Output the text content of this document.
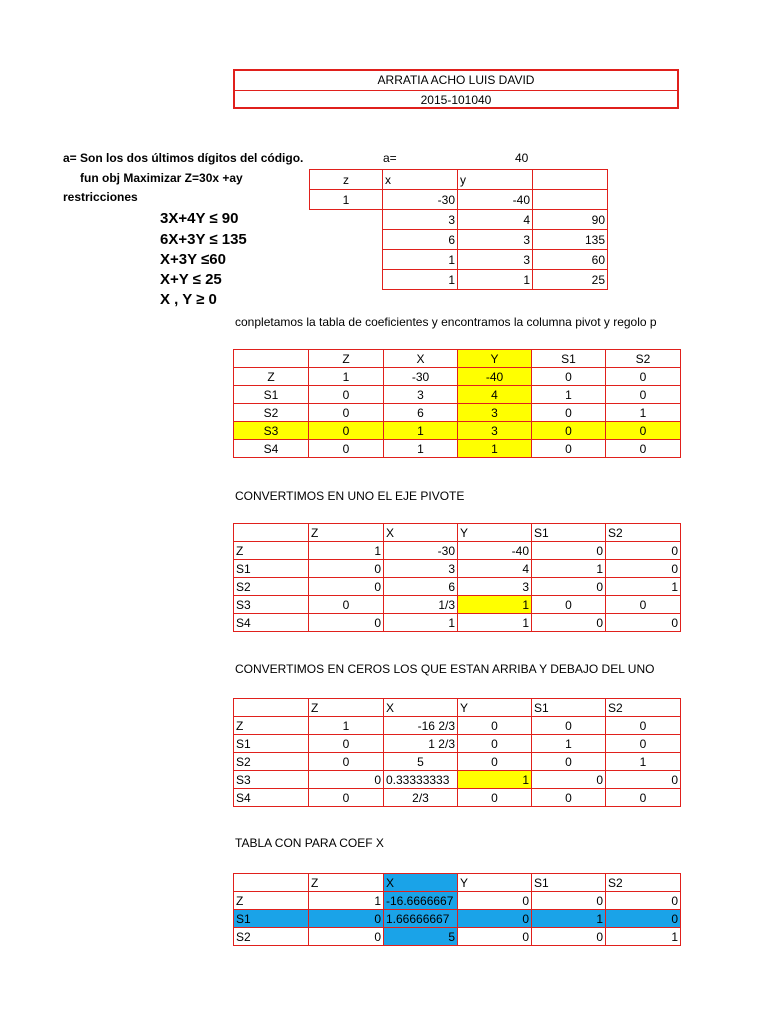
ARRATIA ACHO LUIS DAVID
2015-101040
a= Son los dos últimos dígitos del código.
fun obj Maximizar Z=30x +ay
restricciones
a=	40
3X+4Y ≤ 90
6X+3Y ≤ 135
X+3Y ≤60
X+Y ≤ 25
X , Y ≥ 0
z	x	y	
1	-30	-40	
	3	4	90
	6	3	135
	1	3	60
	1	1	25
conpletamos la tabla de coeficientes y encontramos la columna pivot y regolo p
	Z	X	Y	S1	S2
Z	1	-30	-40	0	0
S1	0	3	4	1	0
S2	0	6	3	0	1
S3	0	1	3	0	0
S4	0	1	1	0	0
CONVERTIMOS EN UNO EL EJE PIVOTE
	Z	X	Y	S1	S2
Z	1	-30	-40	0	0
S1	0	3	4	1	0
S2	0	6	3	0	1
S3	0	1/3	1	0	0
S4	0	1	1	0	0
CONVERTIMOS EN CEROS LOS QUE ESTAN ARRIBA Y DEBAJO DEL UNO
	Z	X	Y	S1	S2
Z	1	-16 2/3	0	0	0
S1	0	1 2/3	0	1	0
S2	0	5	0	0	1
S3	0	0.33333333	1	0	0
S4	0	2/3	0	0	0
TABLA CON PARA COEF X
	Z	X	Y	S1	S2
Z	1	-16.6666667	0	0	0
S1	0	1.66666667	0	1	0
S2	0	5	0	0	1
